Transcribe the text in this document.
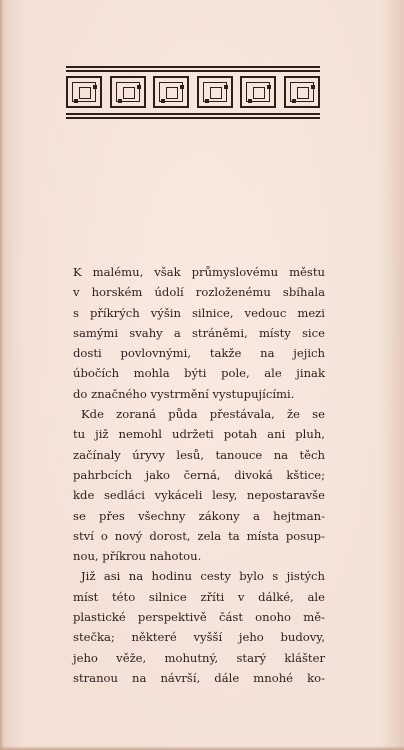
K malému, však průmyslovému městu
v horském údolí rozloženému sbíhala
s příkrých výšin silnice, vedouc mezi
samými svahy a stráněmi, místy sice
dosti povlovnými, takže na jejich
úbočích mohla býti pole, ale jinak
do značného vystrmění vystupujícími.
Kde zoraná půda přestávala, že se
tu již nemohl udržeti potah ani pluh,
začínaly úryvy lesů, tanouce na těch
pahrbcích jako černá, divoká kštice;
kde sedláci vykáceli lesy, nepostaravše
se přes všechny zákony a hejtman-
ství o nový dorost, zela ta místa posup-
nou, příkrou nahotou.
Již asi na hodinu cesty bylo s jistých
míst této silnice zříti v dálké, ale
plastické perspektivě část onoho mě-
stečka; některé vyšší jeho budovy,
jeho věže, mohutný, starý klášter
stranou na návrší, dále mnohé ko-
